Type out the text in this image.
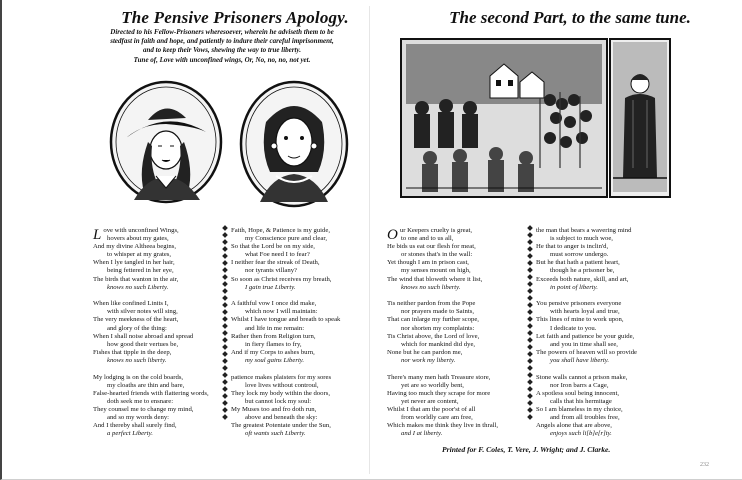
The Pensive Prisoners Apology.	The second Part, to the same tune.

Directed to his Fellow-Prisoners wheresoever, wherein he adviseth them to be

stedfast in faith and hope, and patiently to indure their careful imprisonment,

and to keep their Vows, shewing the way to true liberty.

Tune of, Love with unconfined wings, Or, No, no, no, not yet.

Love with unconfined Wings,
hovers about my gates,
And my divine Altheea begins,
to whisper at my grates,
When I lye tangled in her hair,
being fettered in her eye,
The birds that wanton in the air,
knows no such Liberty.
When like confined Linits I,
with silver notes will sing,
The very meekness of the heart,
and glory of the thing:
When I shall noise abroad and spread
how good their vertues be,
Fishes that tipple in the deep,
knows no such liberty.
My lodging is on the cold boards,
my cloaths are thin and bare,
False-hearted friends with flattering words,
doth seek me to ensnare:
They counsel me to change my mind,
and so my words deny:
And I thereby shall surely find,
a perfect Liberty.
Faith, Hope, & Patience is my guide,
my Conscience pure and clear,
So that the Lord be on my side,
what Foe need I to fear?
I neither fear the streak of Death,
nor tyrants villany?
So soon as Christ receives my breath,
I gain true Liberty.
A faithful vow I once did make,
which now I will maintain:
Whilst I have tongue and breath to speak
and life in me remain:
Rather then from Religion turn,
in fiery flames to fry,
And if my Corps to ashes burn,
my soul gains Liberty.
patience makes plaisters for my sores
love lives without controul,
They lock my body within the doors,
but cannot lock my soul:
My Muses too and fro doth run,
above and beneath the sky:
The greatest Potentate under the Sun,
oft wants such Liberty.
Our Keepers cruelty is great,
to one and to us all,
He bids us eat our flesh for meat,
or stones that's in the wall:
Yet though I am in prison cast,
my senses mount on high,
The wind that bloweth where it list,
knows no such liberty.
Tis neither pardon from the Pope
nor prayers made to Saints,
That can inlarge my further scope,
nor shorten my complaints:
Tis Christ above, the Lord of love,
which for mankind did dye,
None but he can pardon me,
nor work my liberty.
There's many men hath Treasure store,
yet are so worldly bent,
Having too much they scrape for more
yet never are content,
Whilst I that am the poor'st of all
from worldly care am free,
Which makes me think they live in thrall,
and I at liberty.
the man that bears a wavering mind
is subject to much woe,
He that to anger is inclin'd,
must sorrow undergo.
But he that hath a patient heart,
though he a prisoner be,
Exceeds both nature, skill, and art,
in point of liberty.
You pensive prisoners everyone
with hearts loyal and true,
This lines of mine to work upon,
I dedicate to you.
Let faith and patience be your guide,
and you in time shall see,
The powers of heaven will so provide
you shall have liberty.
Stone walls cannot a prison make,
nor Iron barrs a Cage,
A spotless soul being innocent,
calls that his hermitage
So I am blameless in my choice,
and from all troubles free,
Angels alone that are above,
enjoys such li[b]e[r]ty.
Printed for F. Coles, T. Vere, J. Wright; and J. Clarke.
232
